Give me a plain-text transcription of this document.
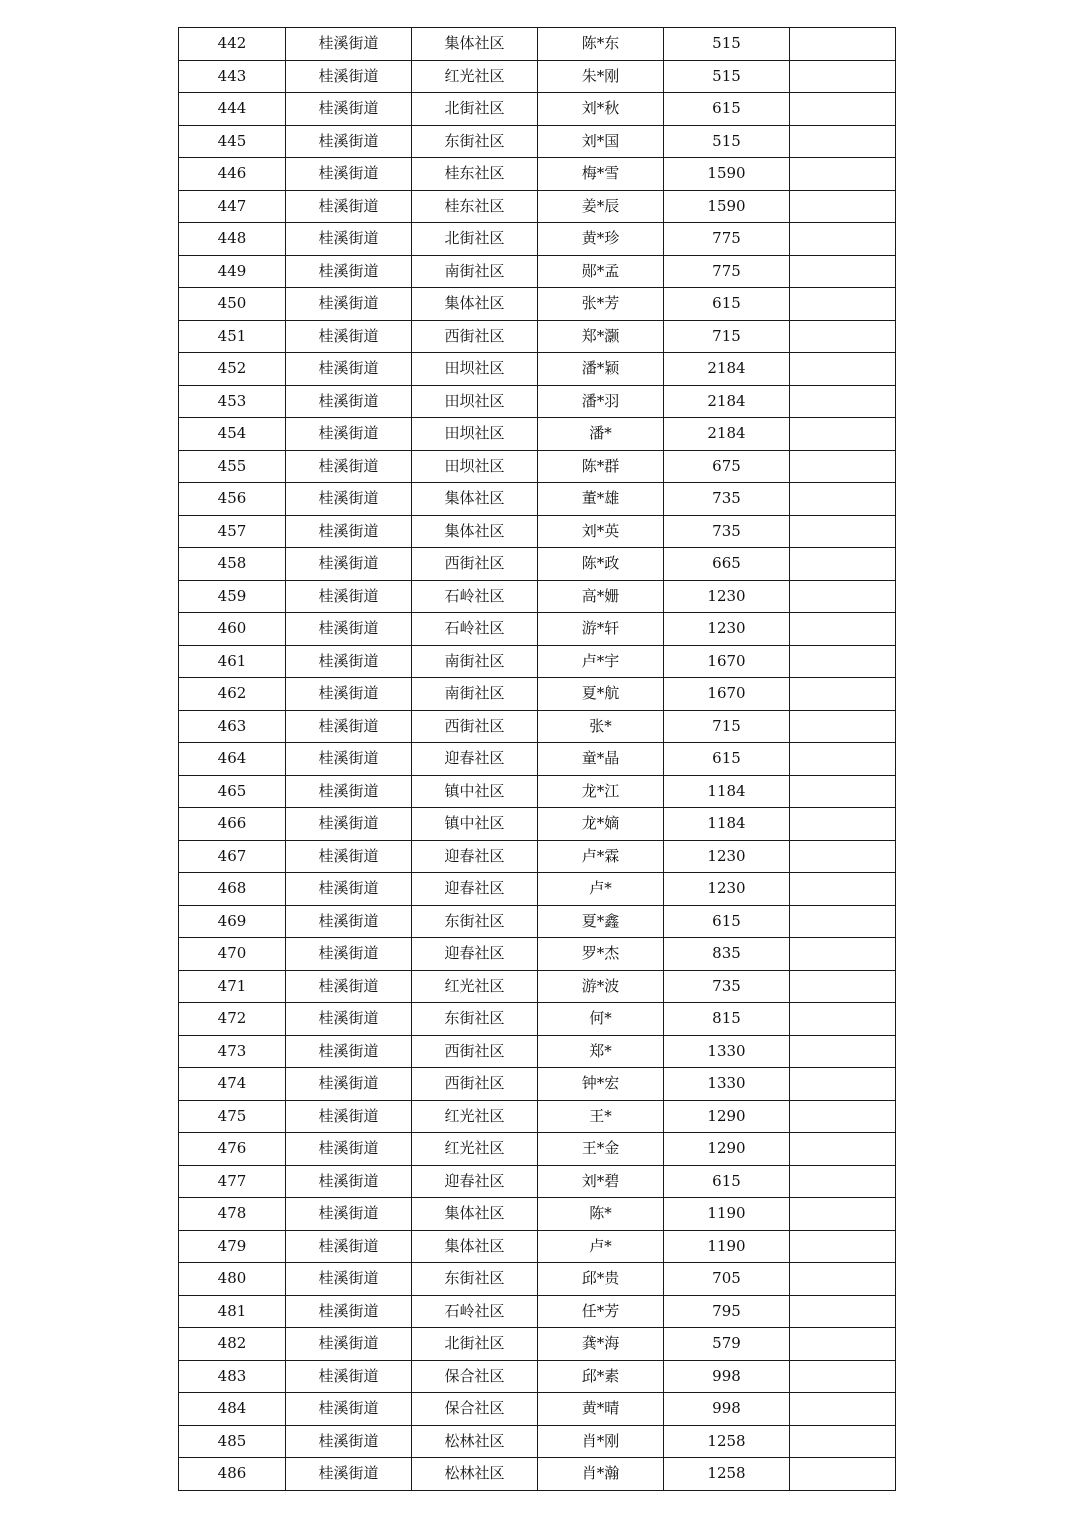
442	桂溪街道	集体社区	陈*东	515	
443	桂溪街道	红光社区	朱*刚	515	
444	桂溪街道	北街社区	刘*秋	615	
445	桂溪街道	东街社区	刘*国	515	
446	桂溪街道	桂东社区	梅*雪	1590	
447	桂溪街道	桂东社区	姜*辰	1590	
448	桂溪街道	北街社区	黄*珍	775	
449	桂溪街道	南街社区	郧*孟	775	
450	桂溪街道	集体社区	张*芳	615	
451	桂溪街道	西街社区	郑*灏	715	
452	桂溪街道	田坝社区	潘*颖	2184	
453	桂溪街道	田坝社区	潘*羽	2184	
454	桂溪街道	田坝社区	潘*	2184	
455	桂溪街道	田坝社区	陈*群	675	
456	桂溪街道	集体社区	董*雄	735	
457	桂溪街道	集体社区	刘*英	735	
458	桂溪街道	西街社区	陈*政	665	
459	桂溪街道	石岭社区	高*姗	1230	
460	桂溪街道	石岭社区	游*轩	1230	
461	桂溪街道	南街社区	卢*宇	1670	
462	桂溪街道	南街社区	夏*航	1670	
463	桂溪街道	西街社区	张*	715	
464	桂溪街道	迎春社区	童*晶	615	
465	桂溪街道	镇中社区	龙*江	1184	
466	桂溪街道	镇中社区	龙*嫡	1184	
467	桂溪街道	迎春社区	卢*霖	1230	
468	桂溪街道	迎春社区	卢*	1230	
469	桂溪街道	东街社区	夏*鑫	615	
470	桂溪街道	迎春社区	罗*杰	835	
471	桂溪街道	红光社区	游*波	735	
472	桂溪街道	东街社区	何*	815	
473	桂溪街道	西街社区	郑*	1330	
474	桂溪街道	西街社区	钟*宏	1330	
475	桂溪街道	红光社区	王*	1290	
476	桂溪街道	红光社区	王*金	1290	
477	桂溪街道	迎春社区	刘*碧	615	
478	桂溪街道	集体社区	陈*	1190	
479	桂溪街道	集体社区	卢*	1190	
480	桂溪街道	东街社区	邱*贵	705	
481	桂溪街道	石岭社区	任*芳	795	
482	桂溪街道	北街社区	龚*海	579	
483	桂溪街道	保合社区	邱*素	998	
484	桂溪街道	保合社区	黄*晴	998	
485	桂溪街道	松林社区	肖*刚	1258	
486	桂溪街道	松林社区	肖*瀚	1258	
